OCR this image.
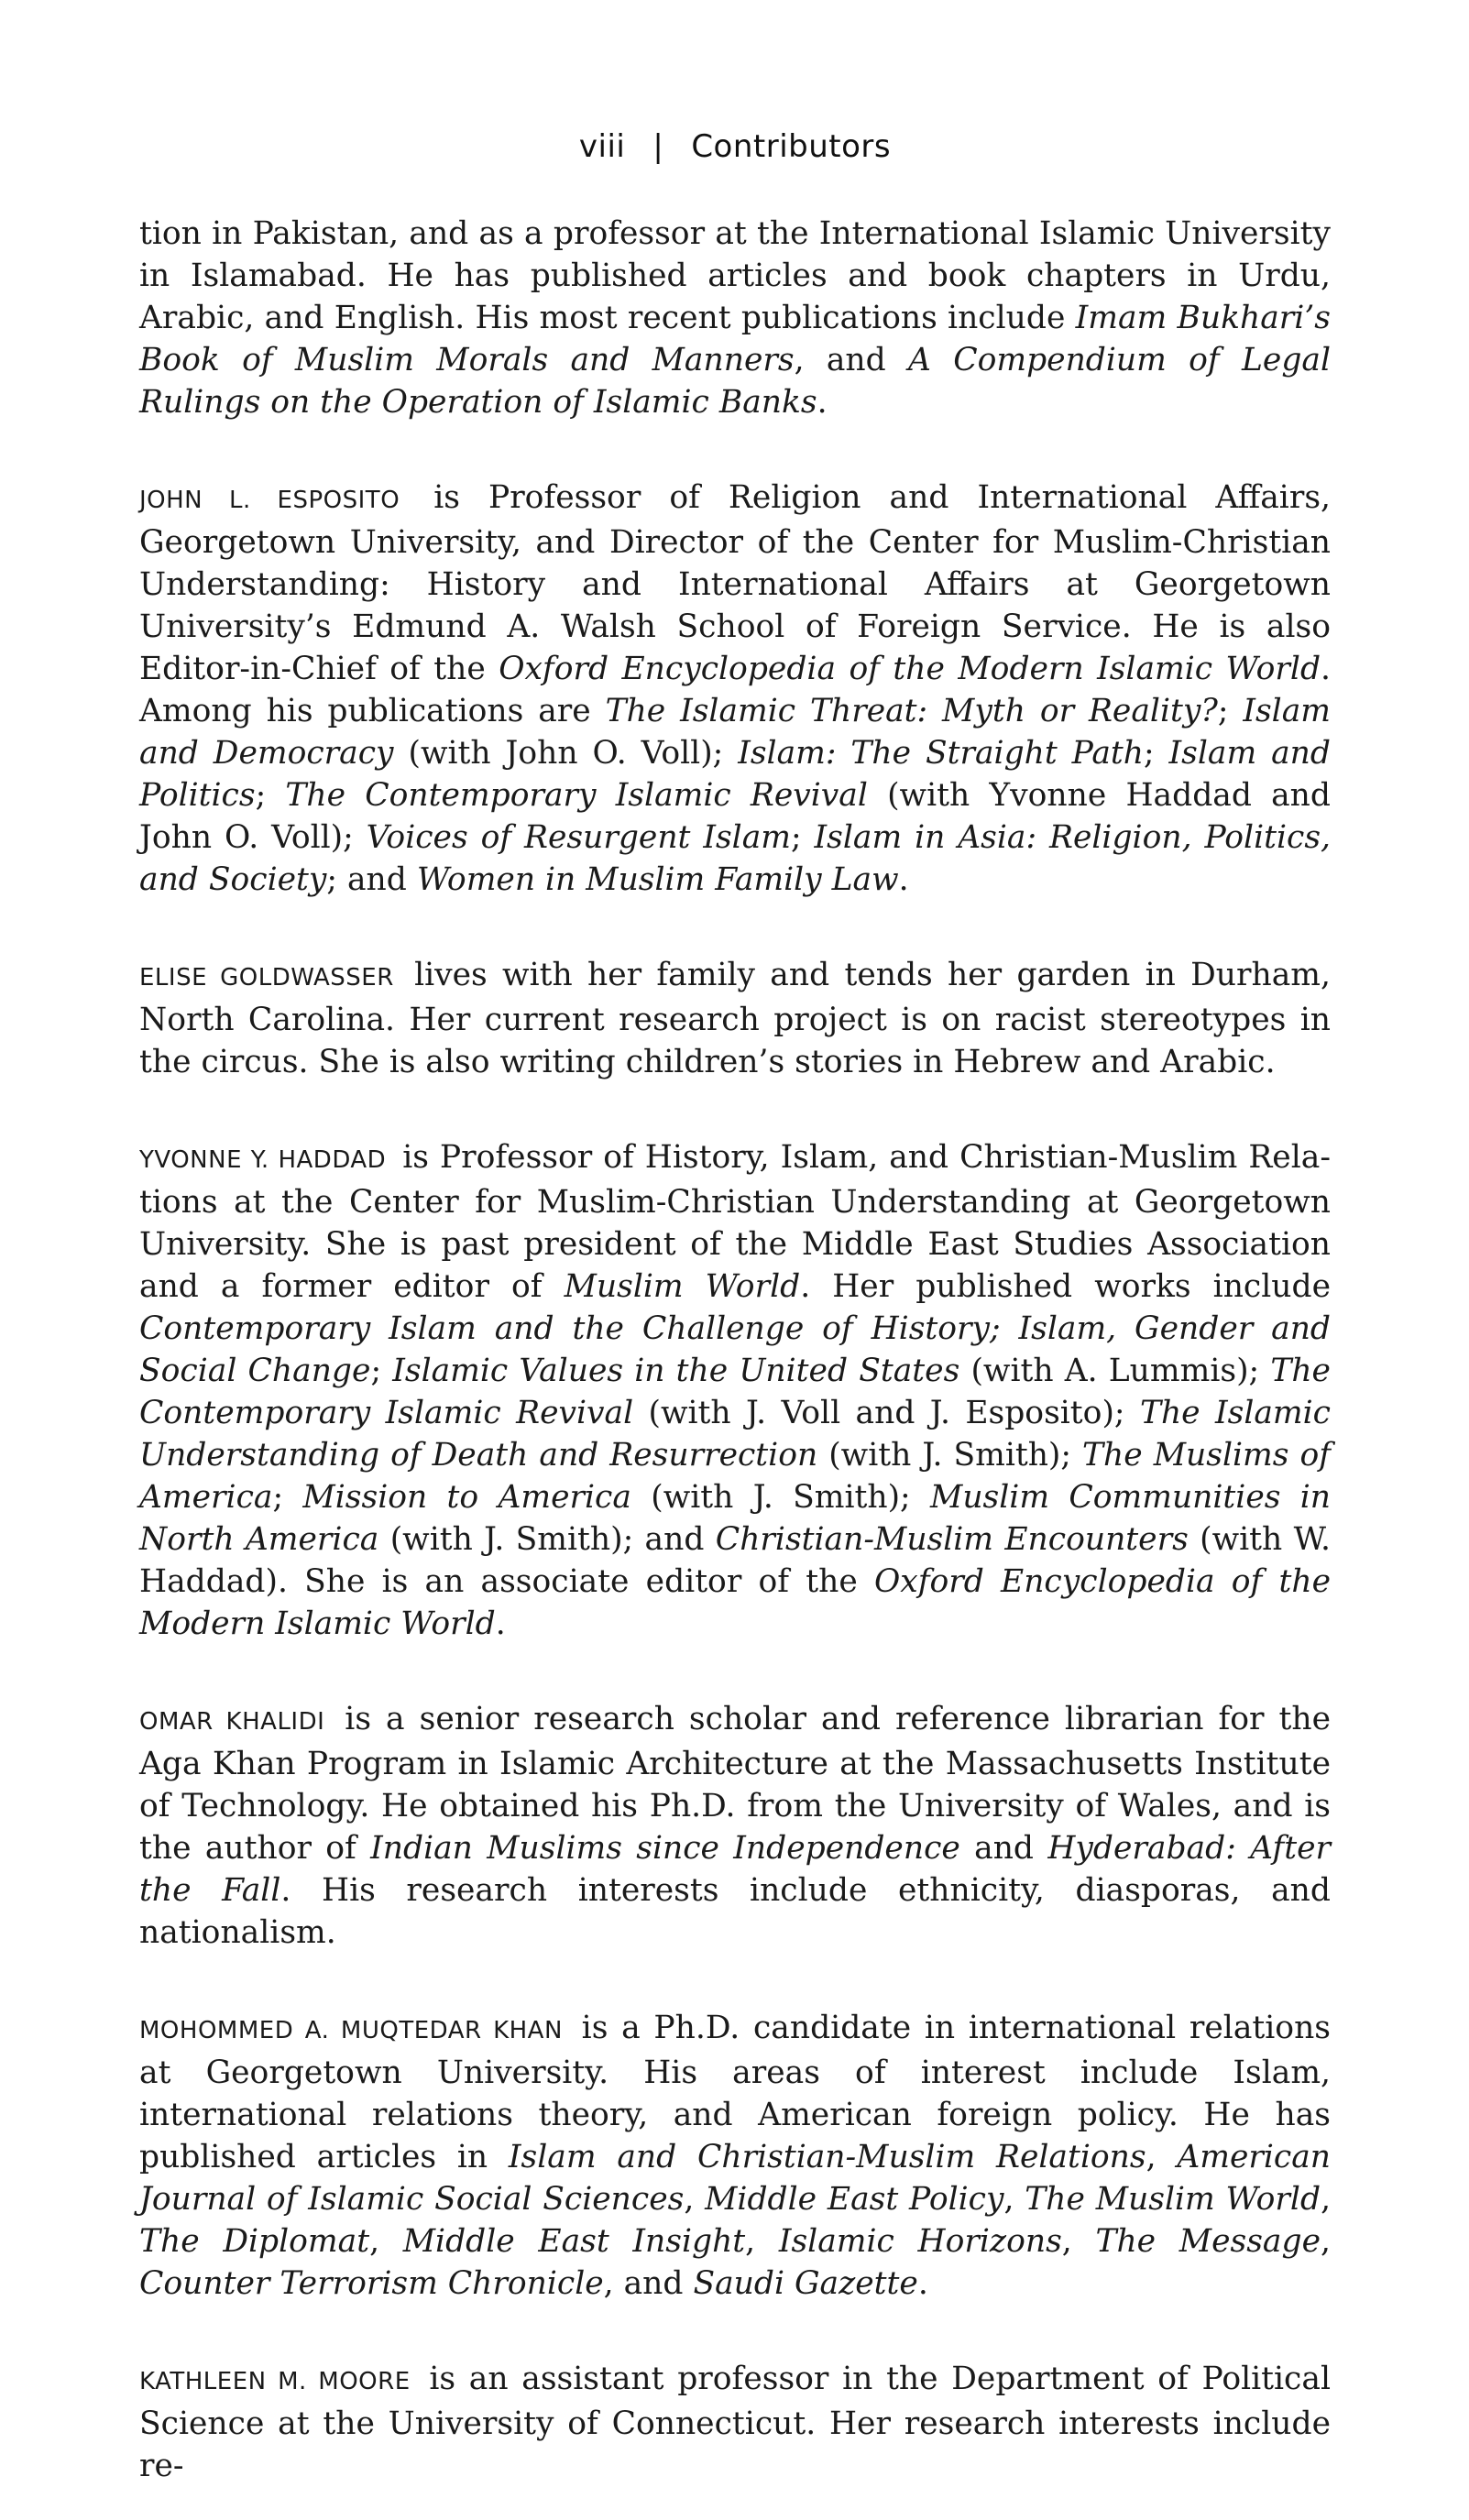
viii | Contributors

tion in Pakistan, and as a professor at the International Islamic University in Islamabad. He has published articles and book chapters in Urdu, Arabic, and English. His most recent publications include Imam Bukhari’s Book of Muslim Morals and Manners, and A Compendium of Legal Rulings on the Operation of Islamic Banks.

JOHN L. ESPOSITO is Professor of Religion and International Affairs, Georgetown University, and Director of the Center for Muslim-Christian Understanding: History and International Affairs at Georgetown University’s Edmund A. Walsh School of Foreign Service. He is also Editor-in-Chief of the Oxford Encyclopedia of the Modern Islamic World. Among his publications are The Islamic Threat: Myth or Reality?; Islam and Democracy (with John O. Voll); Islam: The Straight Path; Islam and Politics; The Contemporary Islamic Revival (with Yvonne Haddad and John O. Voll); Voices of Resurgent Islam; Islam in Asia: Religion, Politics, and Society; and Women in Muslim Family Law.

ELISE GOLDWASSER lives with her family and tends her garden in Durham, North Carolina. Her current research project is on racist stereotypes in the circus. She is also writing children’s stories in Hebrew and Arabic.

YVONNE Y. HADDAD is Professor of History, Islam, and Christian-Muslim Relations at the Center for Muslim-Christian Understanding at Georgetown University. She is past president of the Middle East Studies Association and a former editor of Muslim World. Her published works include Contemporary Islam and the Challenge of History; Islam, Gender and Social Change; Islamic Values in the United States (with A. Lummis); The Contemporary Islamic Revival (with J. Voll and J. Esposito); The Islamic Understanding of Death and Resurrection (with J. Smith); The Muslims of America; Mission to America (with J. Smith); Muslim Communities in North America (with J. Smith); and Christian-Muslim Encounters (with W. Haddad). She is an associate editor of the Oxford Encyclopedia of the Modern Islamic World.

OMAR KHALIDI is a senior research scholar and reference librarian for the Aga Khan Program in Islamic Architecture at the Massachusetts Institute of Technology. He obtained his Ph.D. from the University of Wales, and is the author of Indian Muslims since Independence and Hyderabad: After the Fall. His research interests include ethnicity, diasporas, and nationalism.

MOHOMMED A. MUQTEDAR KHAN is a Ph.D. candidate in international relations at Georgetown University. His areas of interest include Islam, international relations theory, and American foreign policy. He has published articles in Islam and Christian-Muslim Relations, American Journal of Islamic Social Sciences, Middle East Policy, The Muslim World, The Diplomat, Middle East Insight, Islamic Horizons, The Message, Counter Terrorism Chronicle, and Saudi Gazette.

KATHLEEN M. MOORE is an assistant professor in the Department of Political Science at the University of Connecticut. Her research interests include re-
